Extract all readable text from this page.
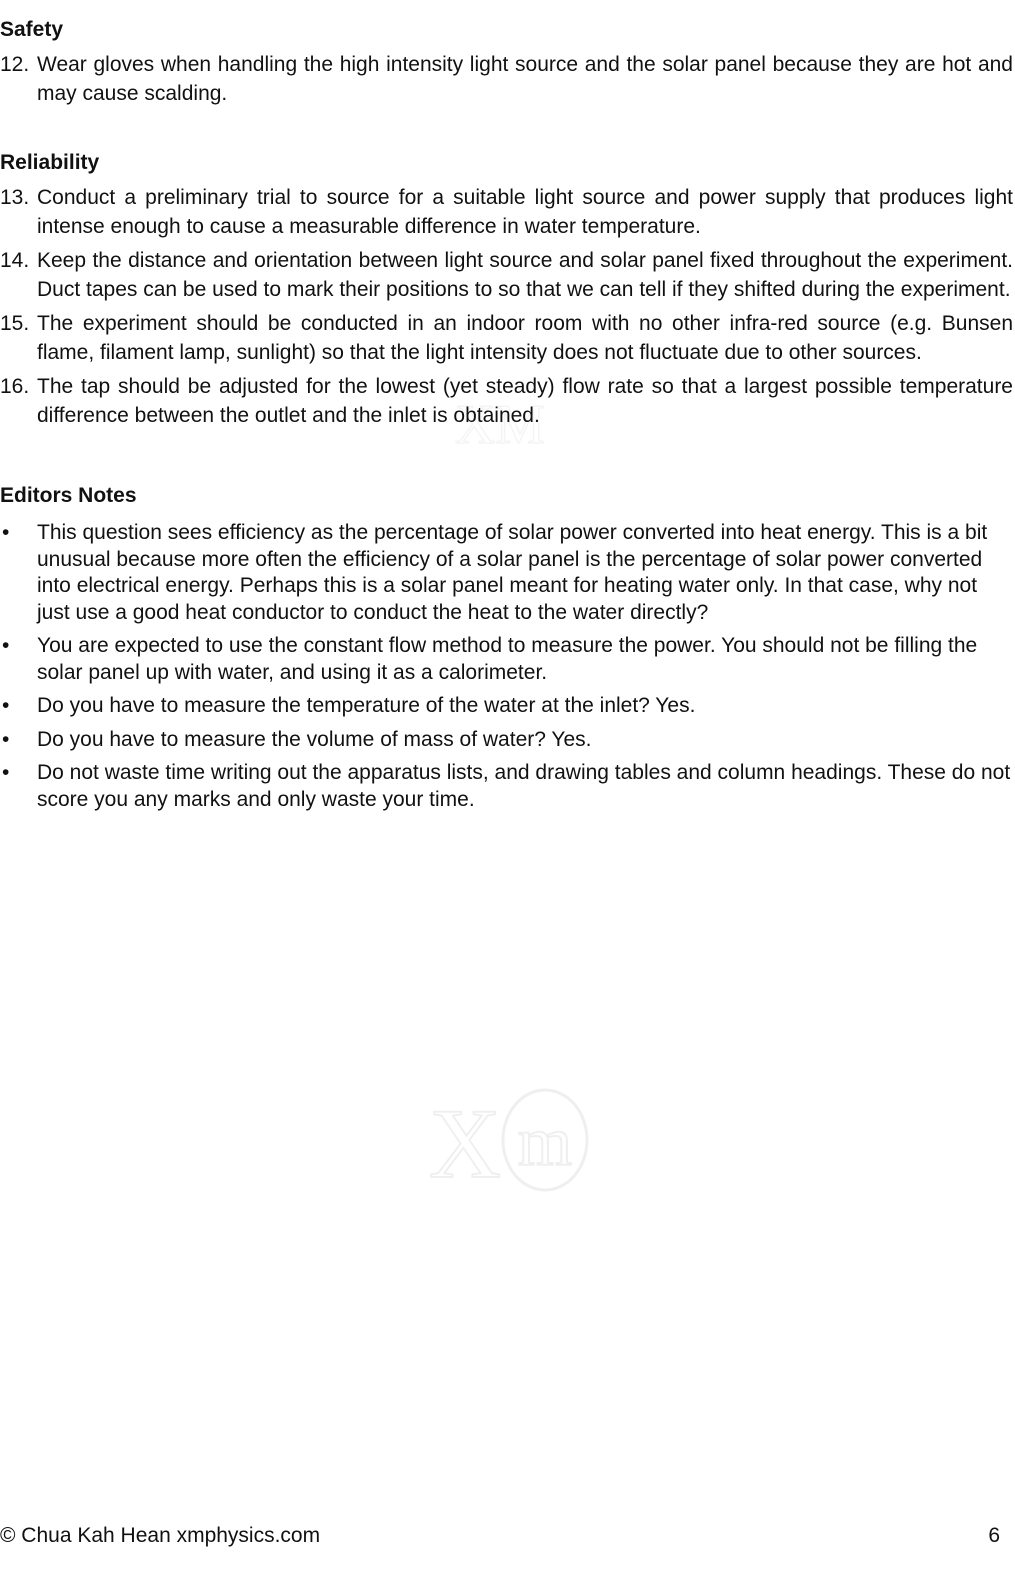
X m
Safety
12. Wear gloves when handling the high intensity light source and the solar panel because they are hot and may cause scalding.
Reliability
13. Conduct a preliminary trial to source for a suitable light source and power supply that produces light intense enough to cause a measurable difference in water temperature.
14. Keep the distance and orientation between light source and solar panel fixed throughout the experiment. Duct tapes can be used to mark their positions to so that we can tell if they shifted during the experiment.
15. The experiment should be conducted in an indoor room with no other infra-red source (e.g. Bunsen flame, filament lamp, sunlight) so that the light intensity does not fluctuate due to other sources.
16. The tap should be adjusted for the lowest (yet steady) flow rate so that a largest possible temperature difference between the outlet and the inlet is obtained.
Editors Notes
•	This question sees efficiency as the percentage of solar power converted into heat energy. This is a bit unusual because more often the efficiency of a solar panel is the percentage of solar power converted into electrical energy. Perhaps this is a solar panel meant for heating water only. In that case, why not just use a good heat conductor to conduct the heat to the water directly?
•	You are expected to use the constant flow method to measure the power. You should not be filling the solar panel up with water, and using it as a calorimeter.
•	Do you have to measure the temperature of the water at the inlet? Yes.
•	Do you have to measure the volume of mass of water? Yes.
•	Do not waste time writing out the apparatus lists, and drawing tables and column headings. These do not score you any marks and only waste your time.
© Chua Kah Hean xmphysics.com	6
